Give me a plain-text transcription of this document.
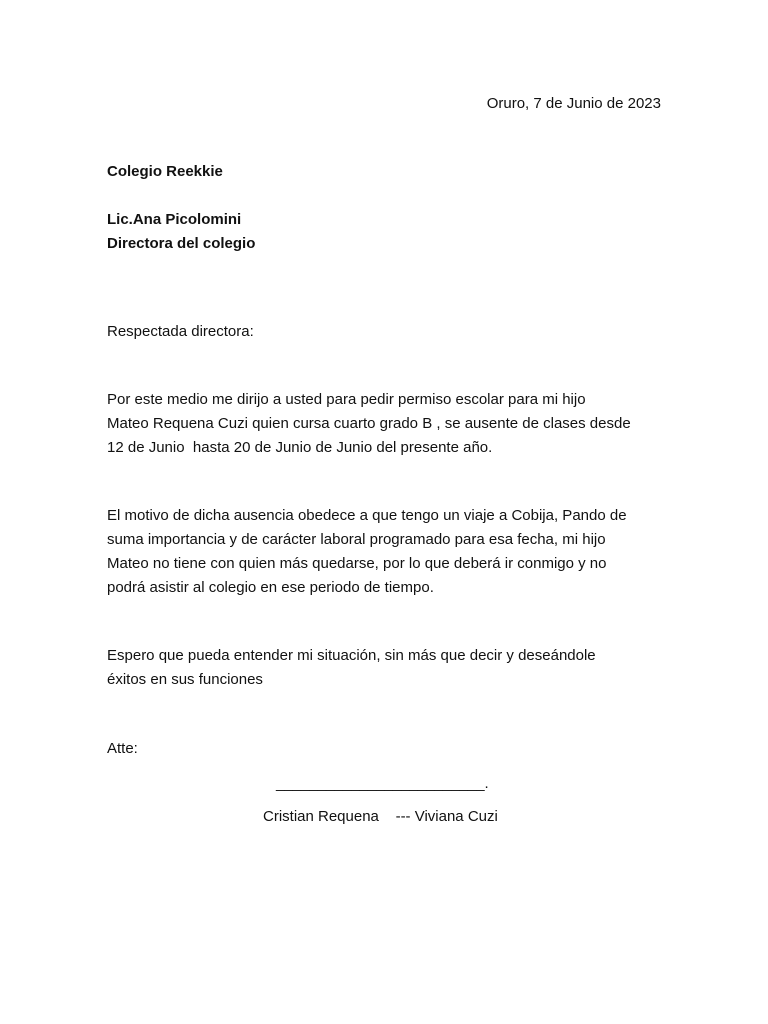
Oruro, 7 de Junio de 2023
Colegio Reekkie
Lic.Ana Picolomini
Directora del colegio
Respectada directora:
Por este medio me dirijo a usted para pedir permiso escolar para mi hijo
Mateo Requena Cuzi quien cursa cuarto grado B , se ausente de clases desde
12 de Junio  hasta 20 de Junio de Junio del presente año.
El motivo de dicha ausencia obedece a que tengo un viaje a Cobija, Pando de
suma importancia y de carácter laboral programado para esa fecha, mi hijo
Mateo no tiene con quien más quedarse, por lo que deberá ir conmigo y no
podrá asistir al colegio en ese periodo de tiempo.
Espero que pueda entender mi situación, sin más que decir y deseándole
éxitos en sus funciones
Atte:
_________________________.
Cristian Requena    --- Viviana Cuzi
